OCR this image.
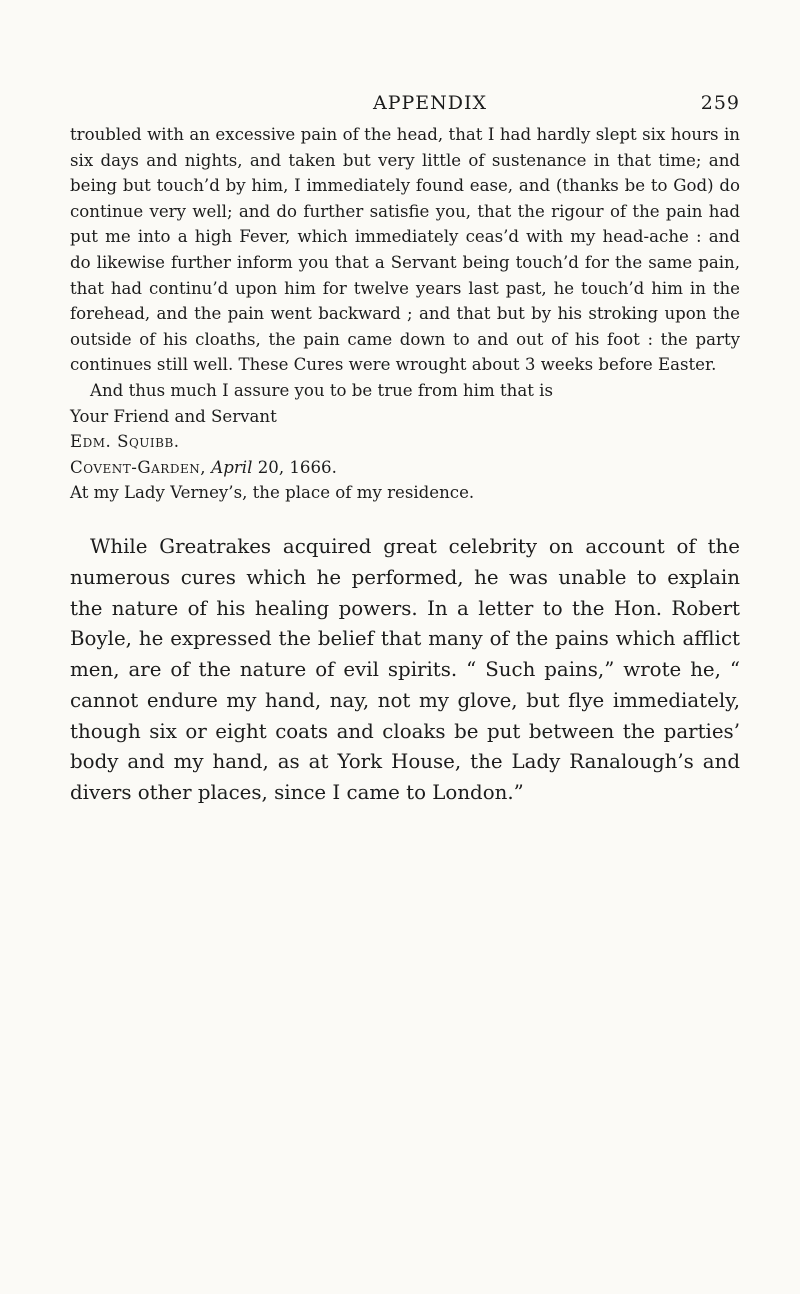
APPENDIX	259

troubled with an excessive pain of the head, that I had hardly slept six hours in six days and nights, and taken but very little of sustenance in that time; and being but touch’d by him, I immediately found ease, and (thanks be to God) do continue very well; and do further satisfie you, that the rigour of the pain had put me into a high Fever, which immediately ceas’d with my head-ache : and do likewise further inform you that a Servant being touch’d for the same pain, that had continu’d upon him for twelve years last past, he touch’d him in the forehead, and the pain went backward ; and that but by his stroking upon the outside of his cloaths, the pain came down to and out of his foot : the party continues still well. These Cures were wrought about 3 weeks before Easter.

And thus much I assure you to be true from him that is

Your Friend and Servant

Edm. Squibb.

Covent-Garden, April 20, 1666.

At my Lady Verney’s, the place of my residence.

While Greatrakes acquired great celebrity on account of the numerous cures which he performed, he was unable to explain the nature of his healing powers. In a letter to the Hon. Robert Boyle, he expressed the belief that many of the pains which afflict men, are of the nature of evil spirits. “ Such pains,” wrote he, “ cannot endure my hand, nay, not my glove, but flye immediately, though six or eight coats and cloaks be put between the parties’ body and my hand, as at York House, the Lady Ranalough’s and divers other places, since I came to London.”
